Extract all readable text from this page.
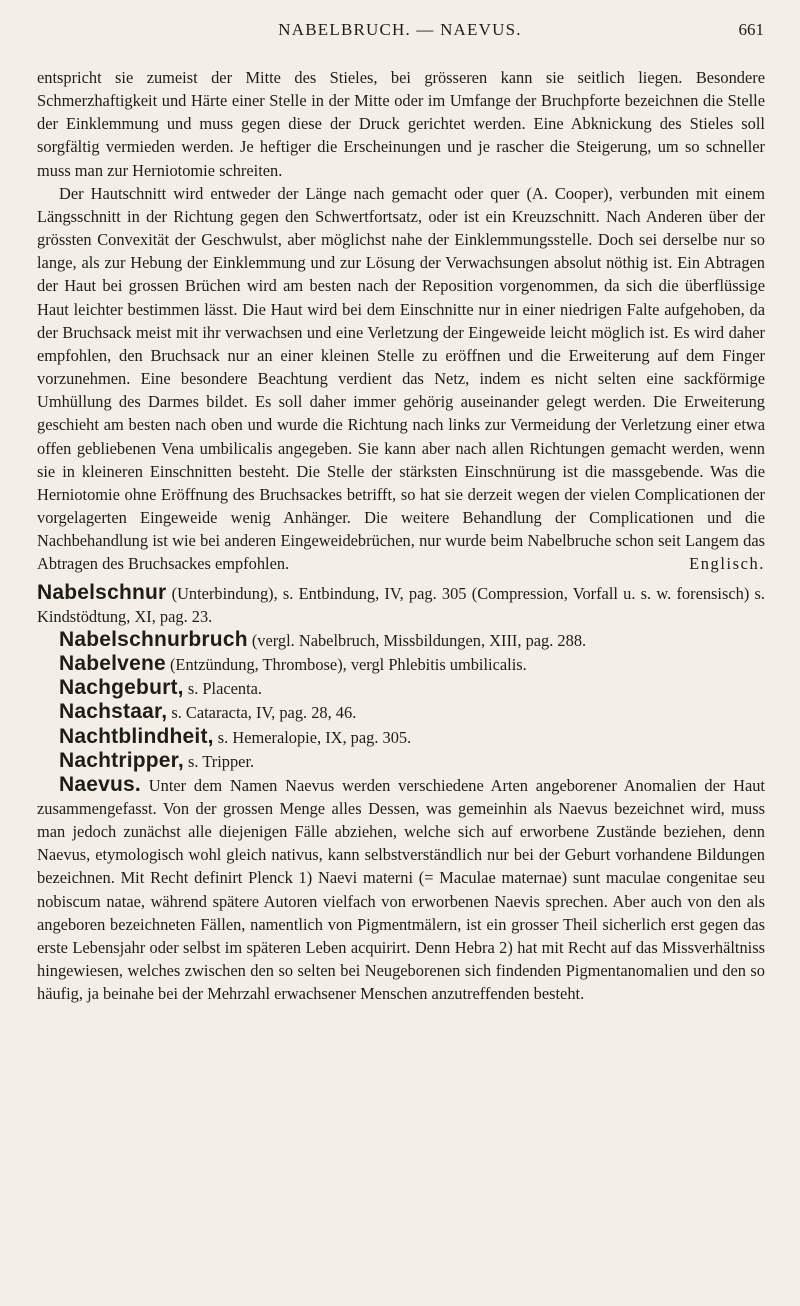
NABELBRUCH. — NAEVUS.	661

entspricht sie zumeist der Mitte des Stieles, bei grösseren kann sie seitlich liegen. Besondere Schmerzhaftigkeit und Härte einer Stelle in der Mitte oder im Umfange der Bruchpforte bezeichnen die Stelle der Einklemmung und muss gegen diese der Druck gerichtet werden. Eine Abknickung des Stieles soll sorgfältig vermieden werden. Je heftiger die Erscheinungen und je rascher die Steigerung, um so schneller muss man zur Herniotomie schreiten.

Der Hautschnitt wird entweder der Länge nach gemacht oder quer (A. Cooper), verbunden mit einem Längsschnitt in der Richtung gegen den Schwertfortsatz, oder ist ein Kreuzschnitt. Nach Anderen über der grössten Convexität der Geschwulst, aber möglichst nahe der Einklemmungsstelle. Doch sei derselbe nur so lange, als zur Hebung der Einklemmung und zur Lösung der Verwachsungen absolut nöthig ist. Ein Abtragen der Haut bei grossen Brüchen wird am besten nach der Reposition vorgenommen, da sich die überflüssige Haut leichter bestimmen lässt. Die Haut wird bei dem Einschnitte nur in einer niedrigen Falte aufgehoben, da der Bruchsack meist mit ihr verwachsen und eine Verletzung der Eingeweide leicht möglich ist. Es wird daher empfohlen, den Bruchsack nur an einer kleinen Stelle zu eröffnen und die Erweiterung auf dem Finger vorzunehmen. Eine besondere Beachtung verdient das Netz, indem es nicht selten eine sackförmige Umhüllung des Darmes bildet. Es soll daher immer gehörig auseinander gelegt werden. Die Erweiterung geschieht am besten nach oben und wurde die Richtung nach links zur Vermeidung der Verletzung einer etwa offen gebliebenen Vena umbilicalis angegeben. Sie kann aber nach allen Richtungen gemacht werden, wenn sie in kleineren Einschnitten besteht. Die Stelle der stärksten Einschnürung ist die massgebende. Was die Herniotomie ohne Eröffnung des Bruchsackes betrifft, so hat sie derzeit wegen der vielen Complicationen der vorgelagerten Eingeweide wenig Anhänger. Die weitere Behandlung der Complicationen und die Nachbehandlung ist wie bei anderen Eingeweidebrüchen, nur wurde beim Nabelbruche schon seit Langem das Abtragen des Bruchsackes empfohlen.	Englisch.

Nabelschnur (Unterbindung), s. Entbindung, IV, pag. 305 (Compression, Vorfall u. s. w. forensisch) s. Kindstödtung, XI, pag. 23.

Nabelschnurbruch (vergl. Nabelbruch, Missbildungen, XIII, pag. 288.

Nabelvene (Entzündung, Thrombose), vergl Phlebitis umbilicalis.

Nachgeburt, s. Placenta.

Nachstaar, s. Cataracta, IV, pag. 28, 46.

Nachtblindheit, s. Hemeralopie, IX, pag. 305.

Nachtripper, s. Tripper.

Naevus. Unter dem Namen Naevus werden verschiedene Arten angeborener Anomalien der Haut zusammengefasst. Von der grossen Menge alles Dessen, was gemeinhin als Naevus bezeichnet wird, muss man jedoch zunächst alle diejenigen Fälle abziehen, welche sich auf erworbene Zustände beziehen, denn Naevus, etymologisch wohl gleich nativus, kann selbstverständlich nur bei der Geburt vorhandene Bildungen bezeichnen. Mit Recht definirt Plenck 1) Naevi materni (= Maculae maternae) sunt maculae congenitae seu nobiscum natae, während spätere Autoren vielfach von erworbenen Naevis sprechen. Aber auch von den als angeboren bezeichneten Fällen, namentlich von Pigmentmälern, ist ein grosser Theil sicherlich erst gegen das erste Lebensjahr oder selbst im späteren Leben acquirirt. Denn Hebra 2) hat mit Recht auf das Missverhältniss hingewiesen, welches zwischen den so selten bei Neugeborenen sich findenden Pigmentanomalien und den so häufig, ja beinahe bei der Mehrzahl erwachsener Menschen anzutreffenden besteht.
